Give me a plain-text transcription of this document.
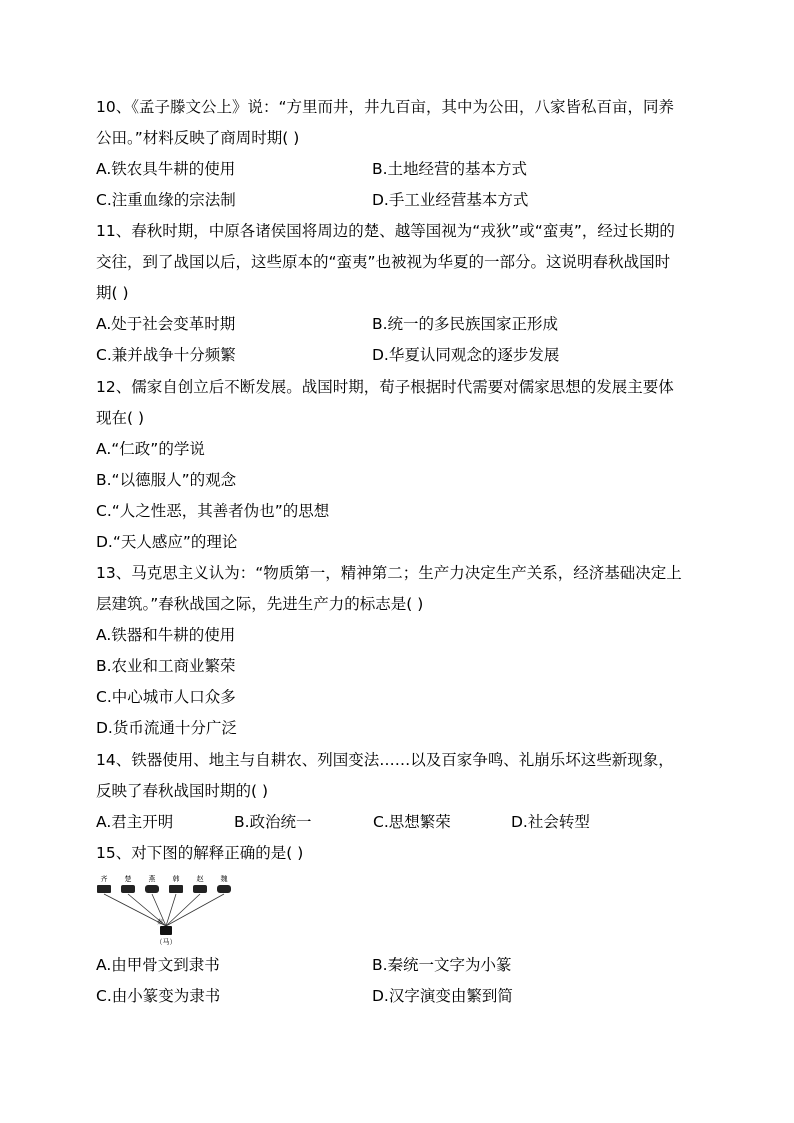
10、《孟子滕文公上》说：“方里而井，井九百亩，其中为公田，八家皆私百亩，同养
公田。”材料反映了商周时期( )
A.铁农具牛耕的使用	B.土地经营的基本方式
C.注重血缘的宗法制	D.手工业经营基本方式
11、春秋时期，中原各诸侯国将周边的楚、越等国视为“戎狄”或“蛮夷”，经过长期的
交往，到了战国以后，这些原本的“蛮夷”也被视为华夏的一部分。这说明春秋战国时
期( )
A.处于社会变革时期	B.统一的多民族国家正形成
C.兼并战争十分频繁	D.华夏认同观念的逐步发展
12、儒家自创立后不断发展。战国时期，荀子根据时代需要对儒家思想的发展主要体
现在( )
A.“仁政”的学说
B.“以德服人”的观念
C.“人之性恶，其善者伪也”的思想
D.“天人感应”的理论
13、马克思主义认为：“物质第一，精神第二；生产力决定生产关系，经济基础决定上
层建筑。”春秋战国之际，先进生产力的标志是( )
A.铁器和牛耕的使用
B.农业和工商业繁荣
C.中心城市人口众多
D.货币流通十分广泛
14、铁器使用、地主与自耕农、列国变法……以及百家争鸣、礼崩乐坏这些新现象，
反映了春秋战国时期的( )
A.君主开明	B.政治统一	C.思想繁荣	D.社会转型
15、对下图的解释正确的是( )
齐 楚 燕 韩 赵 魏
秦
（马）
A.由甲骨文到隶书	B.秦统一文字为小篆
C.由小篆变为隶书	D.汉字演变由繁到简
